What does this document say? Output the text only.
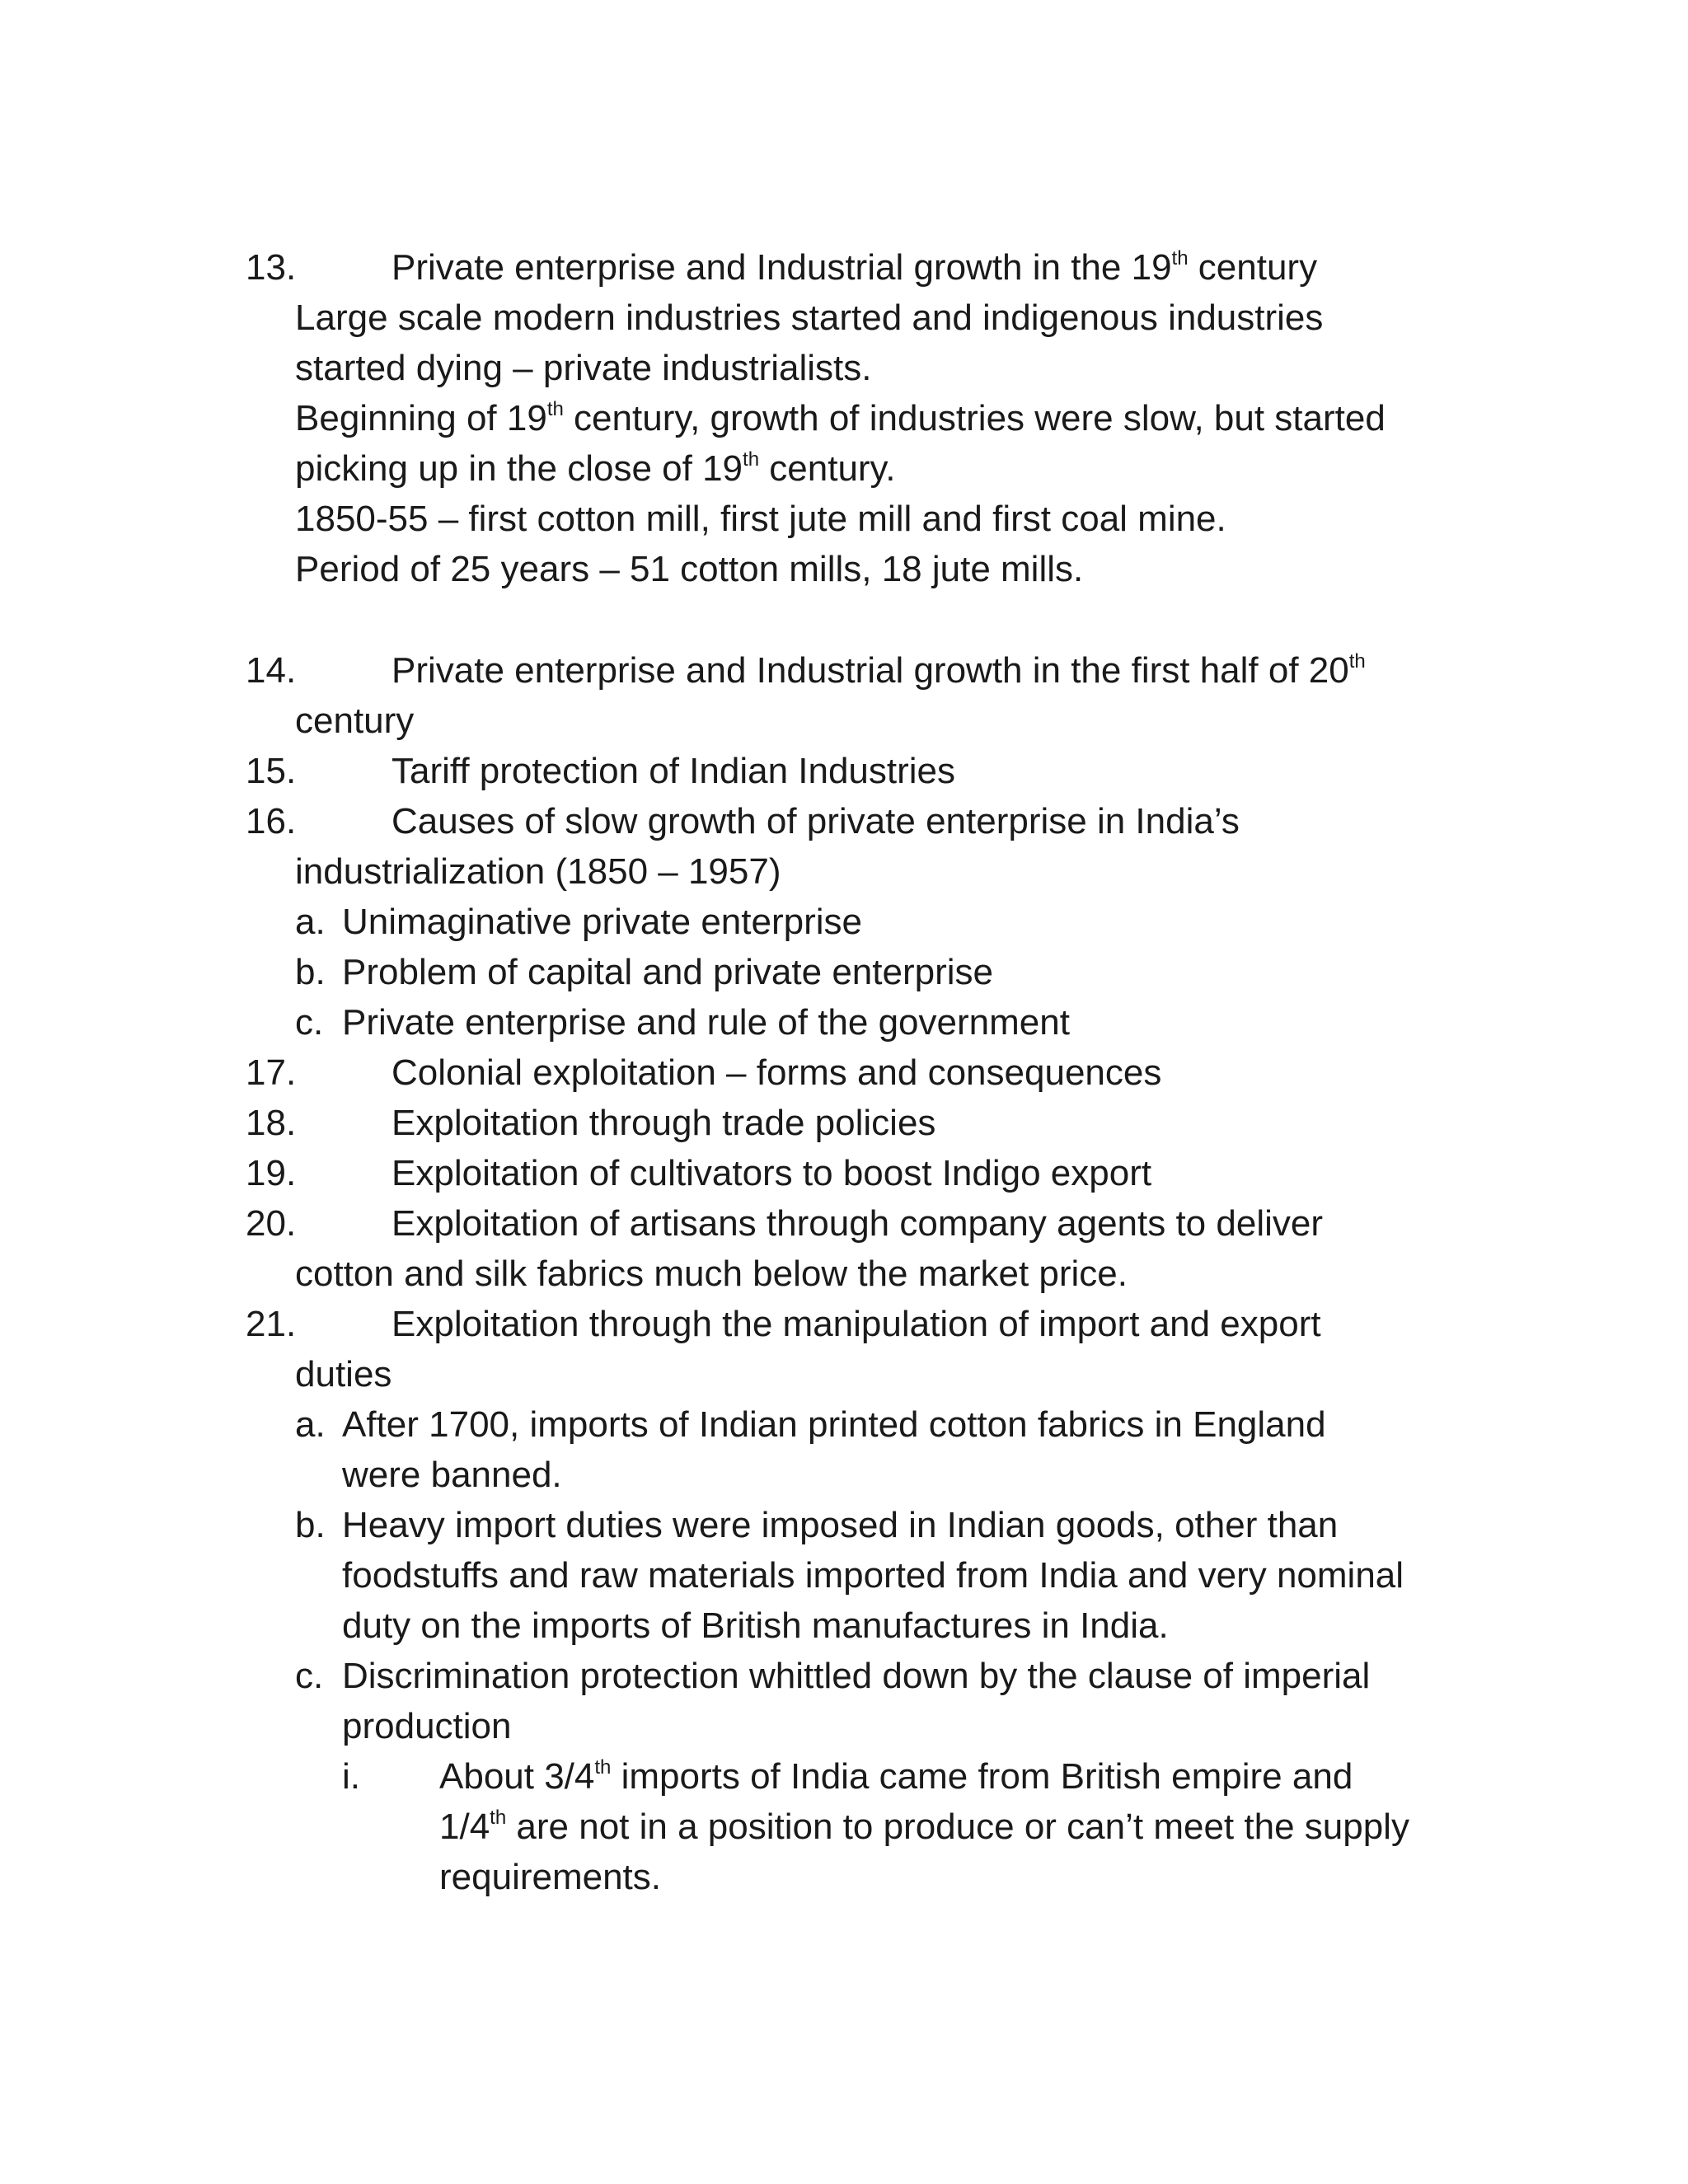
13.	Private enterprise and Industrial growth in the 19th century
Large scale modern industries started and indigenous industries
started dying – private industrialists.
Beginning of 19th century, growth of industries were slow, but started
picking up in the close of 19th century.
1850-55 – first cotton mill, first jute mill and first coal mine.
Period of 25 years – 51 cotton mills, 18 jute mills.
14.	Private enterprise and Industrial growth in the first half of 20th
century
15.	Tariff protection of Indian Industries
16.	Causes of slow growth of private enterprise in India’s
industrialization (1850 – 1957)
a. Unimaginative private enterprise
b. Problem of capital and private enterprise
c. Private enterprise and rule of the government
17.	Colonial exploitation – forms and consequences
18.	Exploitation through trade policies
19.	Exploitation of cultivators to boost Indigo export
20.	Exploitation of artisans through company agents to deliver
cotton and silk fabrics much below the market price.
21.	Exploitation through the manipulation of import and export
duties
a. After 1700, imports of Indian printed cotton fabrics in England
were banned.
b. Heavy import duties were imposed in Indian goods, other than
foodstuffs and raw materials imported from India and very nominal
duty on the imports of British manufactures in India.
c. Discrimination protection whittled down by the clause of imperial
production
i. About 3/4th imports of India came from British empire and
1/4th are not in a position to produce or can’t meet the supply
requirements.
